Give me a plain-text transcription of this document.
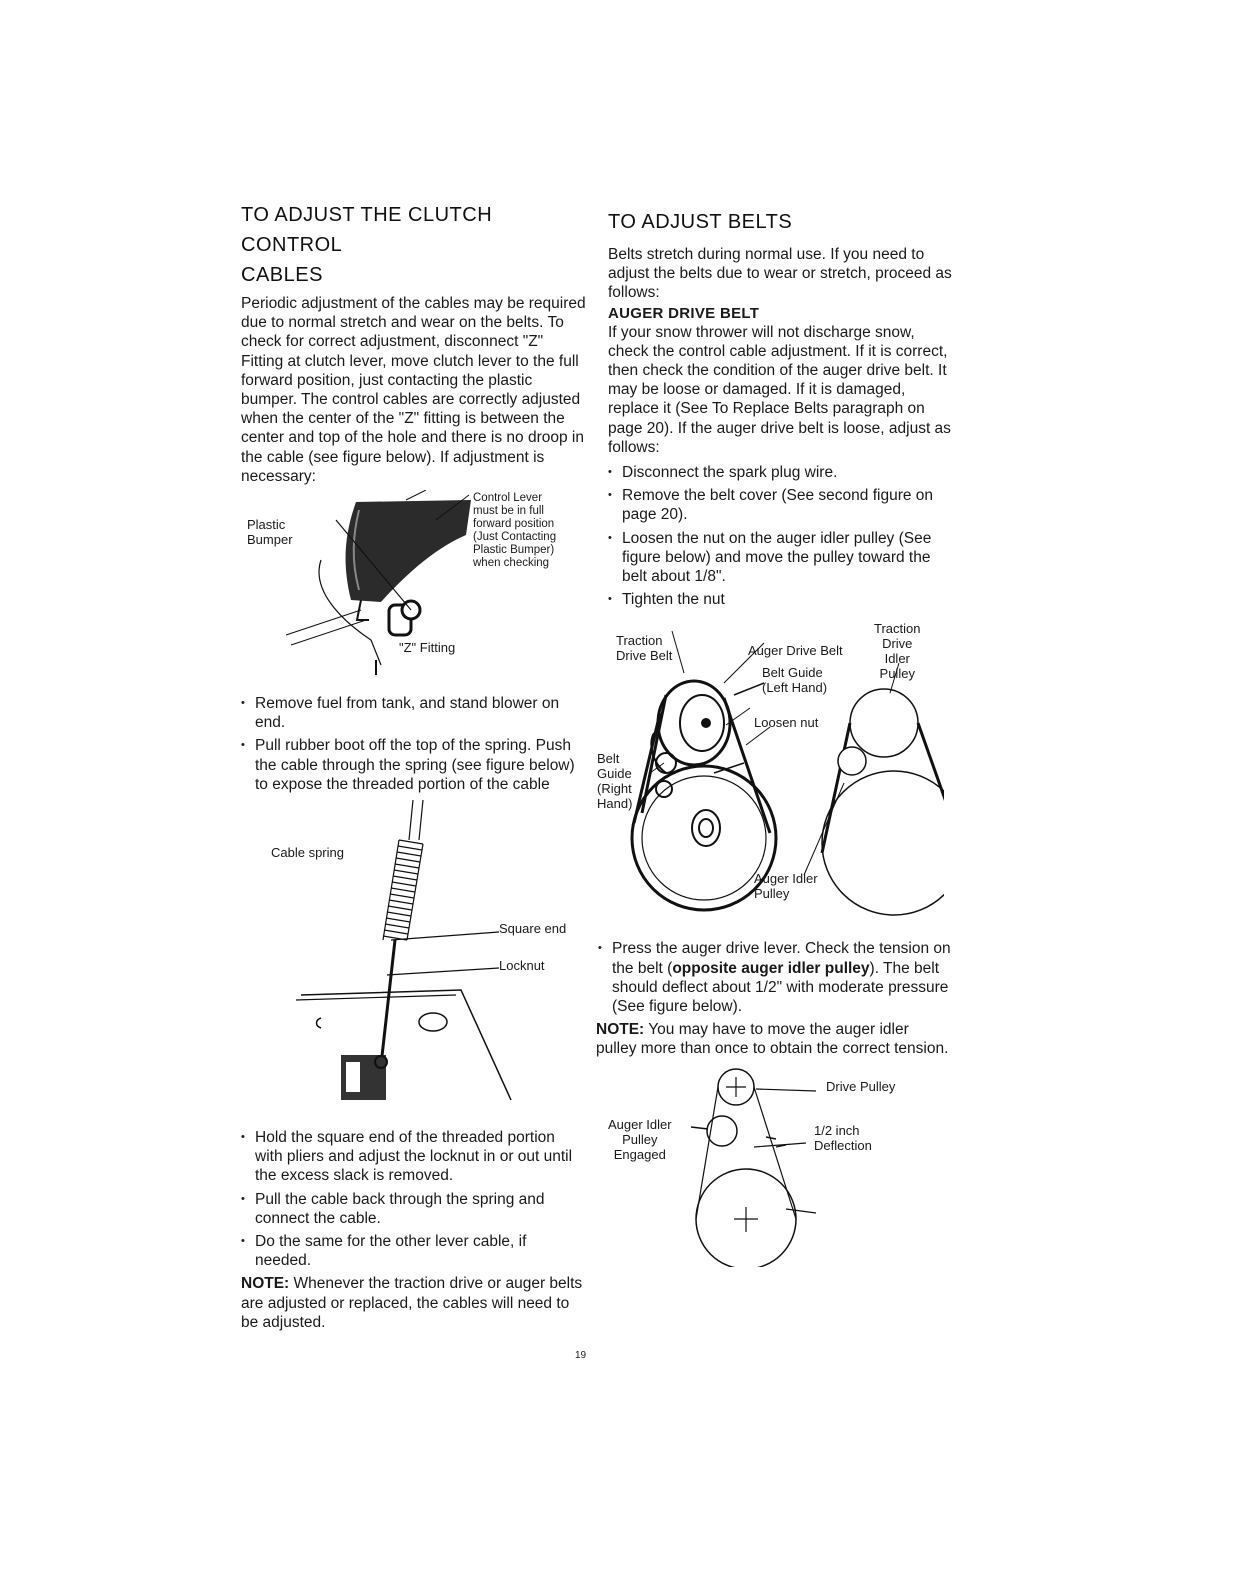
TO ADJUST THE CLUTCH CONTROL
CABLES

Periodic adjustment of the cables may be required due to normal stretch and wear on the belts. To check for correct adjustment, disconnect "Z" Fitting at clutch lever, move clutch lever to the full forward position, just contacting the plastic bumper. The control cables are correctly adjusted when the center of the "Z" fitting is between the center and top of the hole and there is no droop in the cable (see figure below). If adjustment is necessary:

Plastic
Bumper
Control Lever
must be in full
forward position
(Just Contacting
Plastic Bumper)
when checking
"Z" Fitting
• Remove fuel from tank, and stand blower on end.
• Pull rubber boot off the top of the spring. Push the cable through the spring (see figure below) to expose the threaded portion of the cable
Cable spring
Square end
Locknut
• Hold the square end of the threaded portion with pliers and adjust the locknut in or out until the excess slack is removed.
• Pull the cable back through the spring and connect the cable.
• Do the same for the other lever cable, if needed.

NOTE: Whenever the traction drive or auger belts are adjusted or replaced, the cables will need to be adjusted.

TO ADJUST BELTS

Belts stretch during normal use. If you need to adjust the belts due to wear or stretch, proceed as follows:

AUGER DRIVE BELT

If your snow thrower will not discharge snow, check the control cable adjustment. If it is correct, then check the condition of the auger drive belt. It may be loose or damaged. If it is damaged, replace it (See To Replace Belts paragraph on page 20). If the auger drive belt is loose, adjust as follows:

• Disconnect the spark plug wire.
• Remove the belt cover (See second figure on page 20).
• Loosen the nut on the auger idler pulley (See figure below) and move the pulley toward the belt about 1/8".
• Tighten the nut
Traction
Drive Belt	Auger Drive Belt
Traction
Drive
Idler
Pulley
Belt Guide
(Left Hand)
Loosen nut
Belt
Guide
(Right
Hand)
Auger Idler
Pulley
• Press the auger drive lever. Check the tension on the belt (opposite auger idler pulley). The belt should deflect about 1/2" with moderate pressure (See figure below).

NOTE: You may have to move the auger idler pulley more than once to obtain the correct tension.

Drive Pulley
Auger Idler
Pulley
Engaged
1/2 inch
Deflection
19
